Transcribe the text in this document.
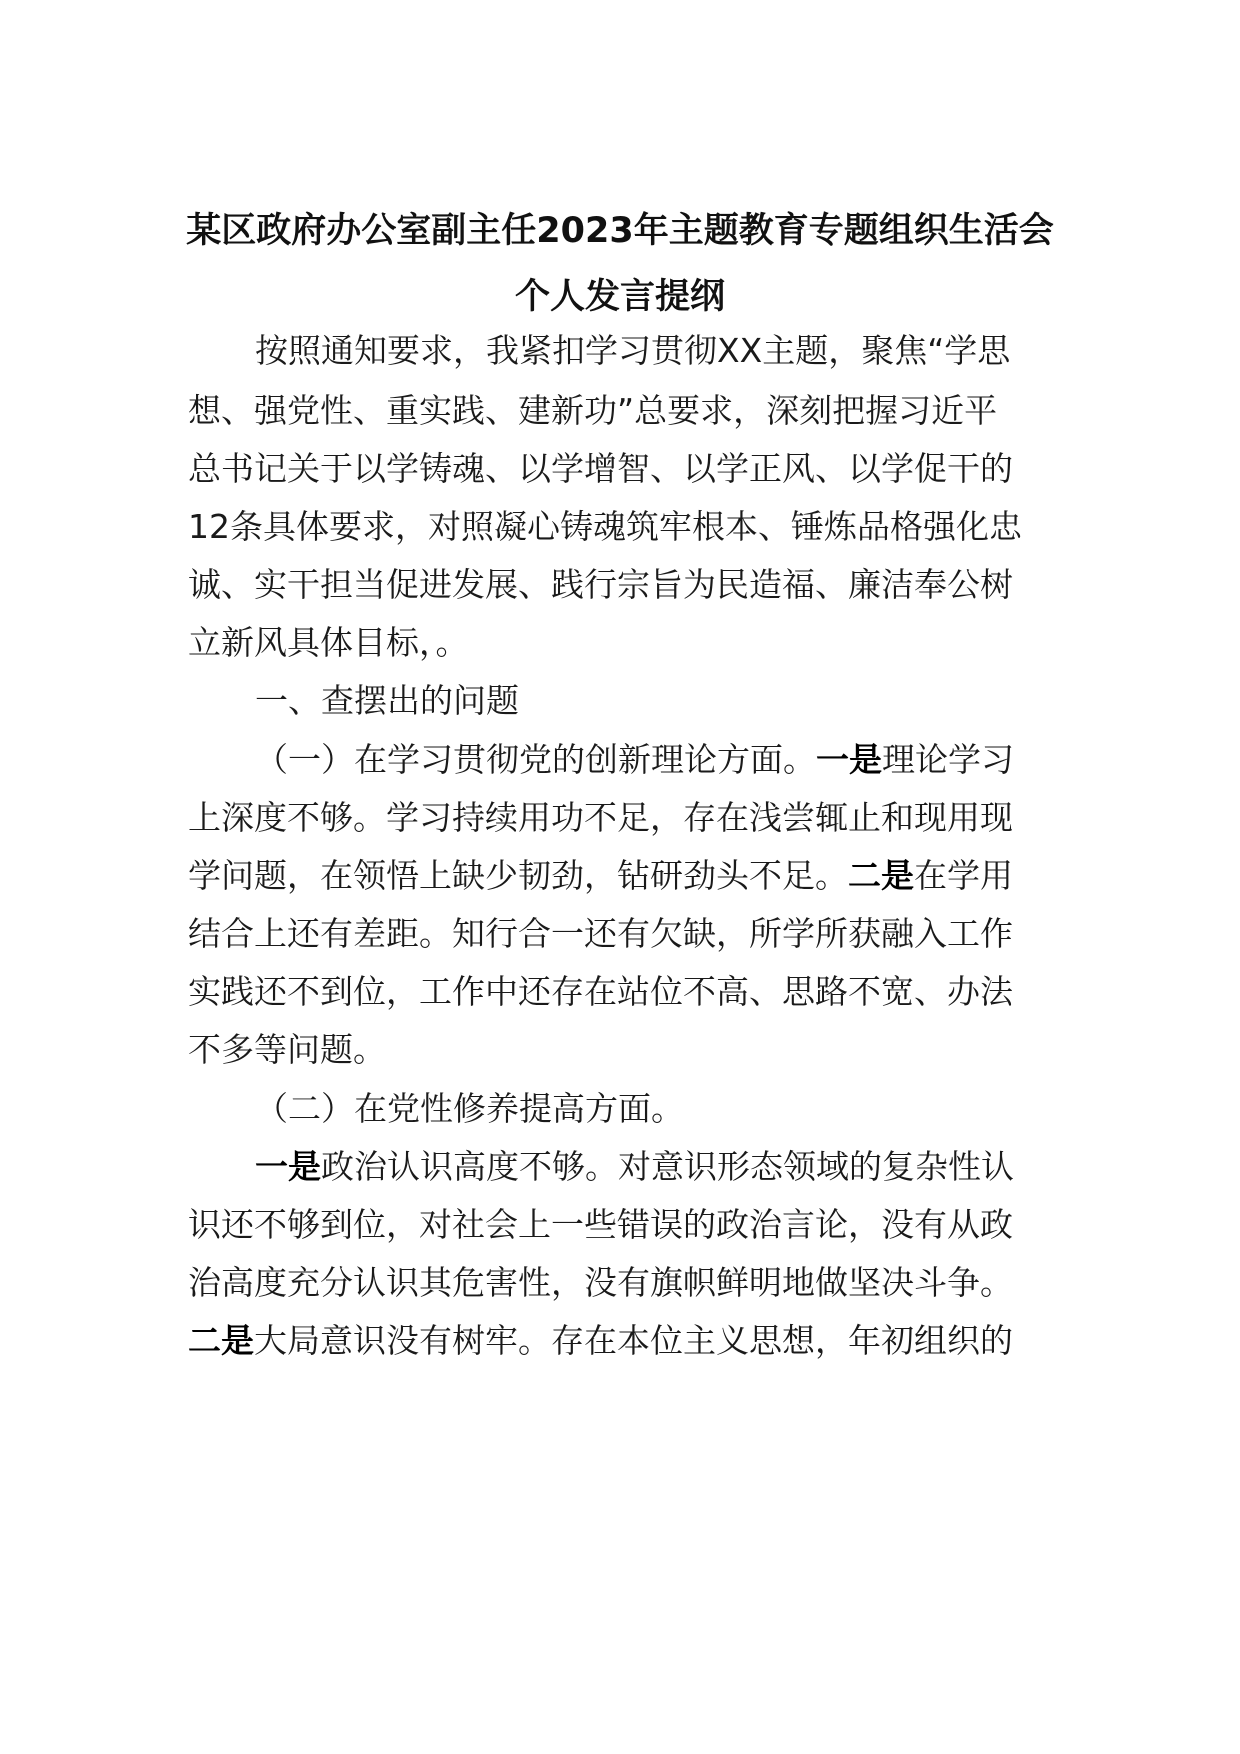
某区政府办公室副主任2023年主题教育专题组织生活会
个人发言提纲
按照通知要求，我紧扣学习贯彻XX主题，聚焦“学思
想、强党性、重实践、建新功”总要求，深刻把握习近平
总书记关于以学铸魂、以学增智、以学正风、以学促干的
12条具体要求，对照凝心铸魂筑牢根本、锤炼品格强化忠
诚、实干担当促进发展、践行宗旨为民造福、廉洁奉公树
立新风具体目标，。
一、查摆出的问题
（一）在学习贯彻党的创新理论方面。一是理论学习
上深度不够。学习持续用功不足，存在浅尝辄止和现用现
学问题，在领悟上缺少韧劲，钻研劲头不足。二是在学用
结合上还有差距。知行合一还有欠缺，所学所获融入工作
实践还不到位，工作中还存在站位不高、思路不宽、办法
不多等问题。
（二）在党性修养提高方面。
一是政治认识高度不够。对意识形态领域的复杂性认
识还不够到位，对社会上一些错误的政治言论，没有从政
治高度充分认识其危害性，没有旗帜鲜明地做坚决斗争。
二是大局意识没有树牢。存在本位主义思想，年初组织的
